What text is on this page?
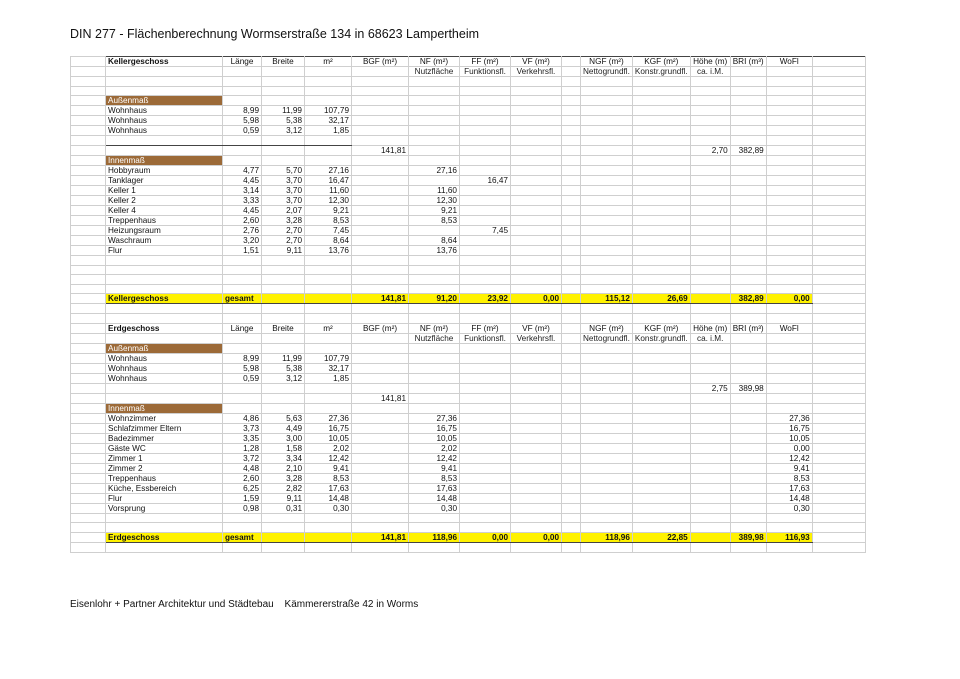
DIN 277 - Flächenberechnung Wormserstraße 134 in 68623 Lampertheim
	Kellergeschoss	Länge	Breite	m²	BGF (m²)	NF (m²)	FF (m²)	VF (m²)		NGF (m²)	KGF (m²)	Höhe (m)	BRI (m³)	WoFl	
						Nutzfläche	Funktionsfl.	Verkehrsfl.		Nettogrundfl.	Konstr.grundfl.	ca. i.M.			

	Außenmaß														
	Wohnhaus	8,99	11,99	107,79											
	Wohnhaus	5,98	5,38	32,17											
	Wohnhaus	0,59	3,12	1,85											

					141,81							2,70	382,89		
	Innenmaß														
	Hobbyraum	4,77	5,70	27,16		27,16									
	Tanklager	4,45	3,70	16,47			16,47								
	Keller 1	3,14	3,70	11,60		11,60									
	Keller 2	3,33	3,70	12,30		12,30									
	Keller 4	4,45	2,07	9,21		9,21									
	Treppenhaus	2,60	3,28	8,53		8,53									
	Heizungsraum	2,76	2,70	7,45			7,45								
	Waschraum	3,20	2,70	8,64		8,64									
	Flur	1,51	9,11	13,76		13,76									

	Kellergeschoss	gesamt			141,81	91,20	23,92	0,00		115,12	26,69		382,89	0,00	

	Erdgeschoss	Länge	Breite	m²	BGF (m²)	NF (m²)	FF (m²)	VF (m²)		NGF (m²)	KGF (m²)	Höhe (m)	BRI (m³)	WoFl	
						Nutzfläche	Funktionsfl.	Verkehrsfl.		Nettogrundfl.	Konstr.grundfl.	ca. i.M.			
	Außenmaß														
	Wohnhaus	8,99	11,99	107,79											
	Wohnhaus	5,98	5,38	32,17											
	Wohnhaus	0,59	3,12	1,85											
												2,75	389,98		
					141,81										
	Innenmaß														
	Wohnzimmer	4,86	5,63	27,36		27,36								27,36	
	Schlafzimmer Eltern	3,73	4,49	16,75		16,75								16,75	
	Badezimmer	3,35	3,00	10,05		10,05								10,05	
	Gäste WC	1,28	1,58	2,02		2,02								0,00	
	Zimmer 1	3,72	3,34	12,42		12,42								12,42	
	Zimmer 2	4,48	2,10	9,41		9,41								9,41	
	Treppenhaus	2,60	3,28	8,53		8,53								8,53	
	Küche, Essbereich	6,25	2,82	17,63		17,63								17,63	
	Flur	1,59	9,11	14,48		14,48								14,48	
	Vorsprung	0,98	0,31	0,30		0,30								0,30	

	Erdgeschoss	gesamt			141,81	118,96	0,00	0,00		118,96	22,85		389,98	116,93	

Eisenlohr + Partner Architektur und Städtebau Kämmererstraße 42 in Worms
